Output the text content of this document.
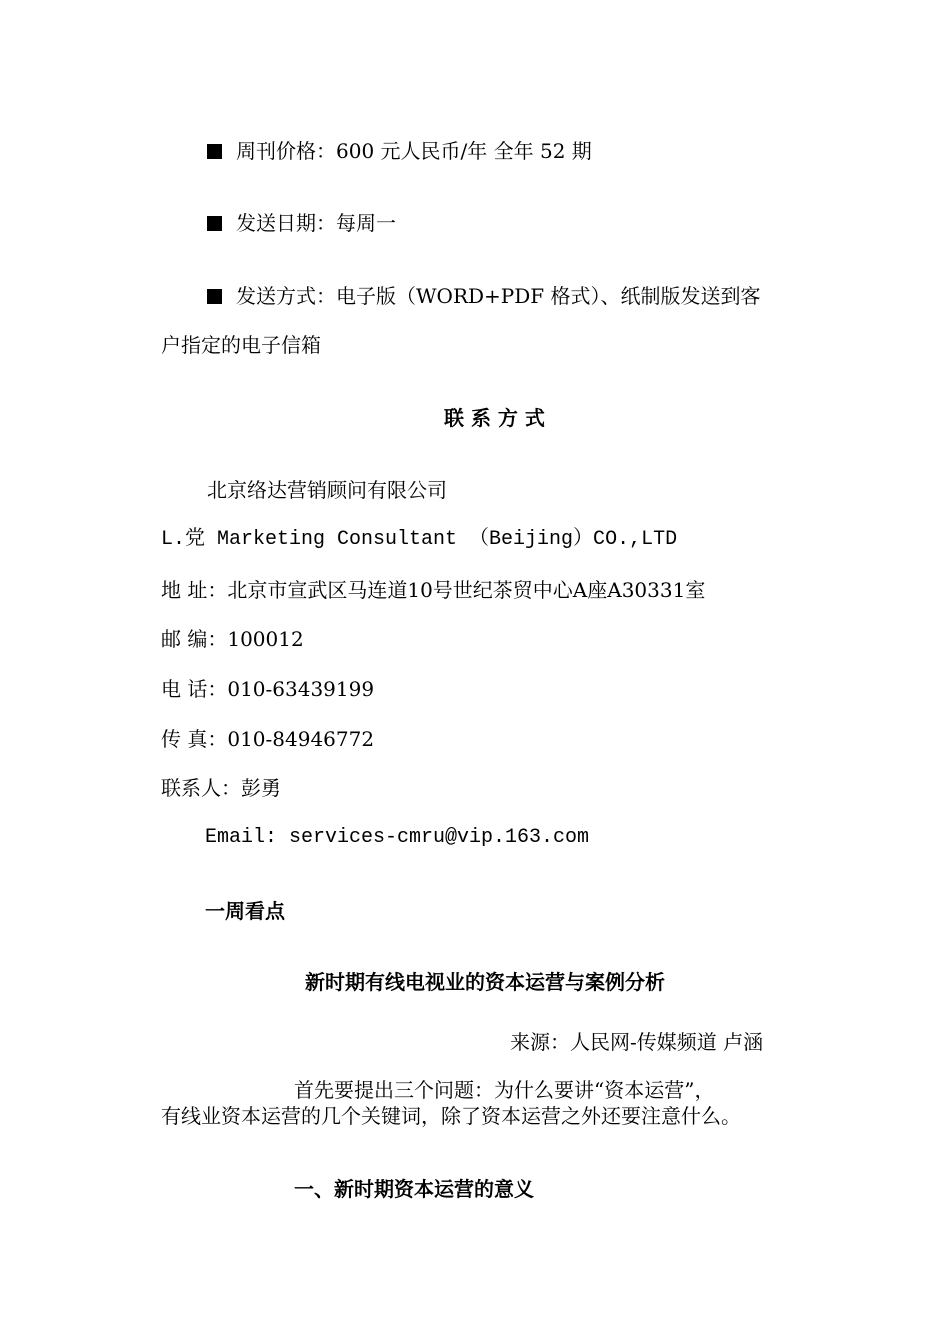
周刊价格：600 元人民币/年 全年 52 期
发送日期：每周一
发送方式：电子版（WORD+PDF 格式）、纸制版发送到客
户指定的电子信箱
联 系 方 式
北京络达营销顾问有限公司
L.党 Marketing Consultant （Beijing）CO.,LTD
地 址：北京市宣武区马连道10号世纪茶贸中心A座A30331室
邮 编：100012
电 话：010-63439199
传 真：010-84946772
联系人：彭勇
Email: services-cmru@vip.163.com
一周看点
新时期有线电视业的资本运营与案例分析
来源：人民网-传媒频道 卢涵
首先要提出三个问题：为什么要讲“资本运营”，
有线业资本运营的几个关键词，除了资本运营之外还要注意什么。
一、新时期资本运营的意义
